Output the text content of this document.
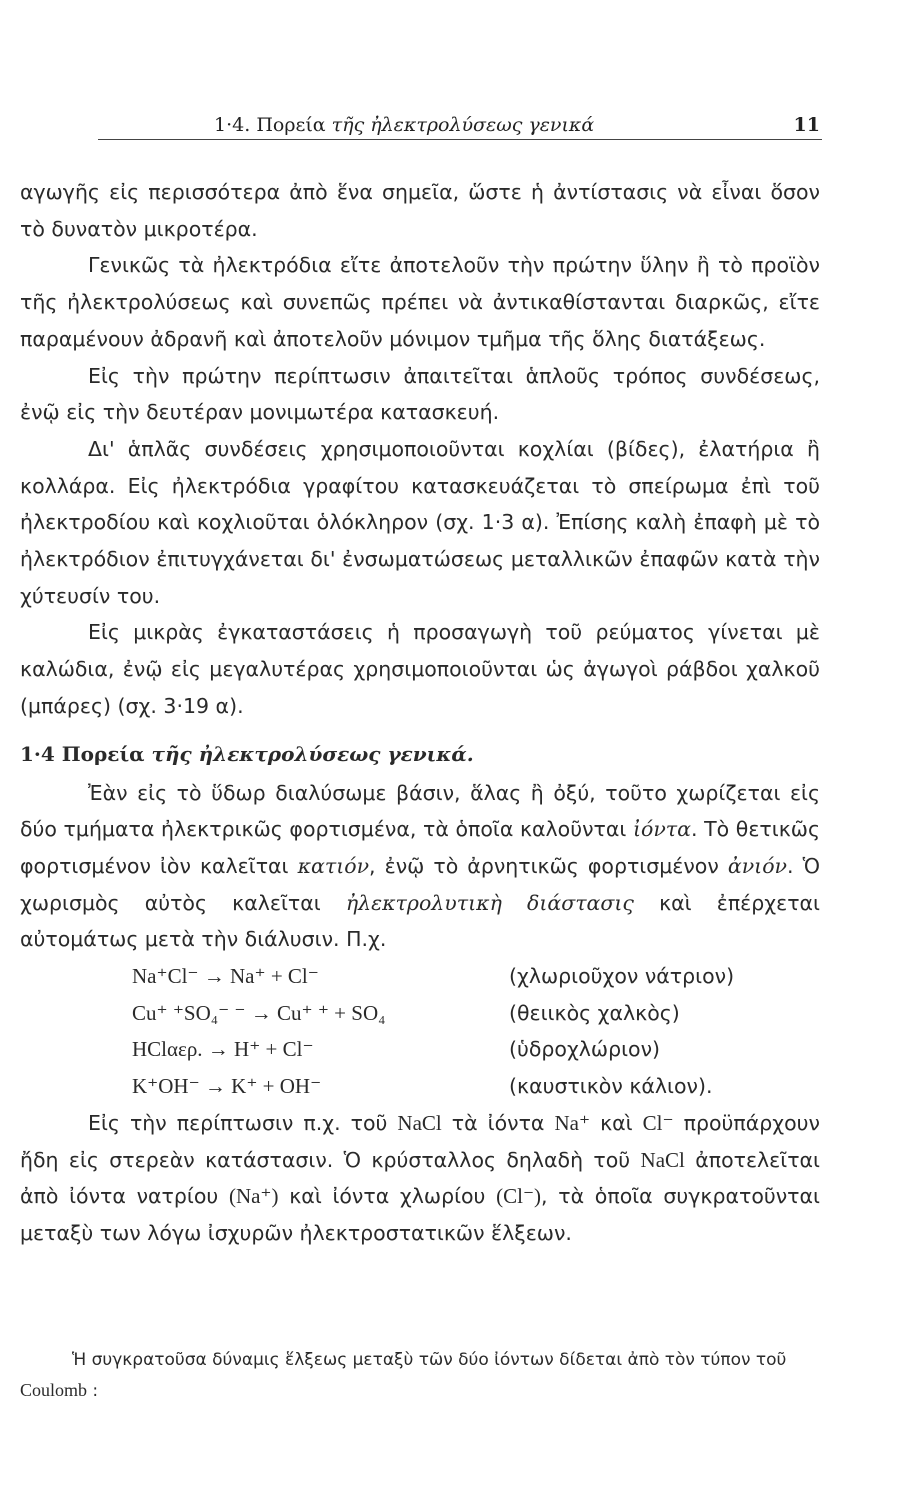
1·4. Πορεία τῆς ἠλεκτρολύσεως γενικά	11

αγωγῆς εἰς περισσότερα ἀπὸ ἕνα σημεῖα, ὥστε ἡ ἀντίστασις νὰ εἶναι ὅσον τὸ δυνατὸν μικροτέρα.

Γενικῶς τὰ ἠλεκτρόδια εἴτε ἀποτελοῦν τὴν πρώτην ὕλην ἢ τὸ προϊὸν τῆς ἠλεκτρολύσεως καὶ συνεπῶς πρέπει νὰ ἀντικαθίστανται διαρκῶς, εἴτε παραμένουν ἀδρανῆ καὶ ἀποτελοῦν μόνιμον τμῆμα τῆς ὅλης διατάξεως.

Εἰς τὴν πρώτην περίπτωσιν ἀπαιτεῖται ἁπλοῦς τρόπος συνδέσεως, ἐνῷ εἰς τὴν δευτέραν μονιμωτέρα κατασκευή.

Δι' ἁπλᾶς συνδέσεις χρησιμοποιοῦνται κοχλίαι (βίδες), ἐλατήρια ἢ κολλάρα. Εἰς ἠλεκτρόδια γραφίτου κατασκευάζεται τὸ σπείρωμα ἐπὶ τοῦ ἠλεκτροδίου καὶ κοχλιοῦται ὁλόκληρον (σχ. 1·3 α). Ἐπίσης καλὴ ἐπαφὴ μὲ τὸ ἠλεκτρόδιον ἐπιτυγχάνεται δι' ἐνσωματώσεως μεταλλικῶν ἐπαφῶν κατὰ τὴν χύτευσίν του.

Εἰς μικρὰς ἐγκαταστάσεις ἡ προσαγωγὴ τοῦ ρεύματος γίνεται μὲ καλώδια, ἐνῷ εἰς μεγαλυτέρας χρησιμοποιοῦνται ὡς ἀγωγοὶ ράβδοι χαλκοῦ (μπάρες) (σχ. 3·19 α).

1·4 Πορεία τῆς ἠλεκτρολύσεως γενικά.

Ἐὰν εἰς τὸ ὕδωρ διαλύσωμε βάσιν, ἅλας ἢ ὀξύ, τοῦτο χωρίζεται εἰς δύο τμήματα ἠλεκτρικῶς φορτισμένα, τὰ ὁποῖα καλοῦνται ἰόντα. Τὸ θετικῶς φορτισμένον ἰὸν καλεῖται κατιόν, ἐνῷ τὸ ἀρνητικῶς φορτισμένον ἀνιόν. Ὁ χωρισμὸς αὐτὸς καλεῖται ἠλεκτρολυτικὴ διάστασις καὶ ἐπέρχεται αὐτομάτως μετὰ τὴν διάλυσιν. Π.χ.

Na⁺Cl⁻ → Na⁺ + Cl⁻	(χλωριοῦχον νάτριον)
Cu⁺ ⁺SO₄⁻ ⁻ → Cu⁺ ⁺ + SO₄	(θειικὸς χαλκὸς)
HClαερ. → H⁺ + Cl⁻	(ὑδροχλώριον)
K⁺OH⁻ → K⁺ + OH⁻	(καυστικὸν κάλιον).

Εἰς τὴν περίπτωσιν π.χ. τοῦ NaCl τὰ ἰόντα Na⁺ καὶ Cl⁻ προϋπάρχουν ἤδη εἰς στερεὰν κατάστασιν. Ὁ κρύσταλλος δηλαδὴ τοῦ NaCl ἀποτελεῖται ἀπὸ ἰόντα νατρίου (Na⁺) καὶ ἰόντα χλωρίου (Cl⁻), τὰ ὁποῖα συγκρατοῦνται μεταξὺ των λόγω ἰσχυρῶν ἠλεκτροστατικῶν ἕλξεων.

Ἡ συγκρατοῦσα δύναμις ἕλξεως μεταξὺ τῶν δύο ἰόντων δίδεται ἀπὸ τὸν τύπον τοῦ Coulomb :
